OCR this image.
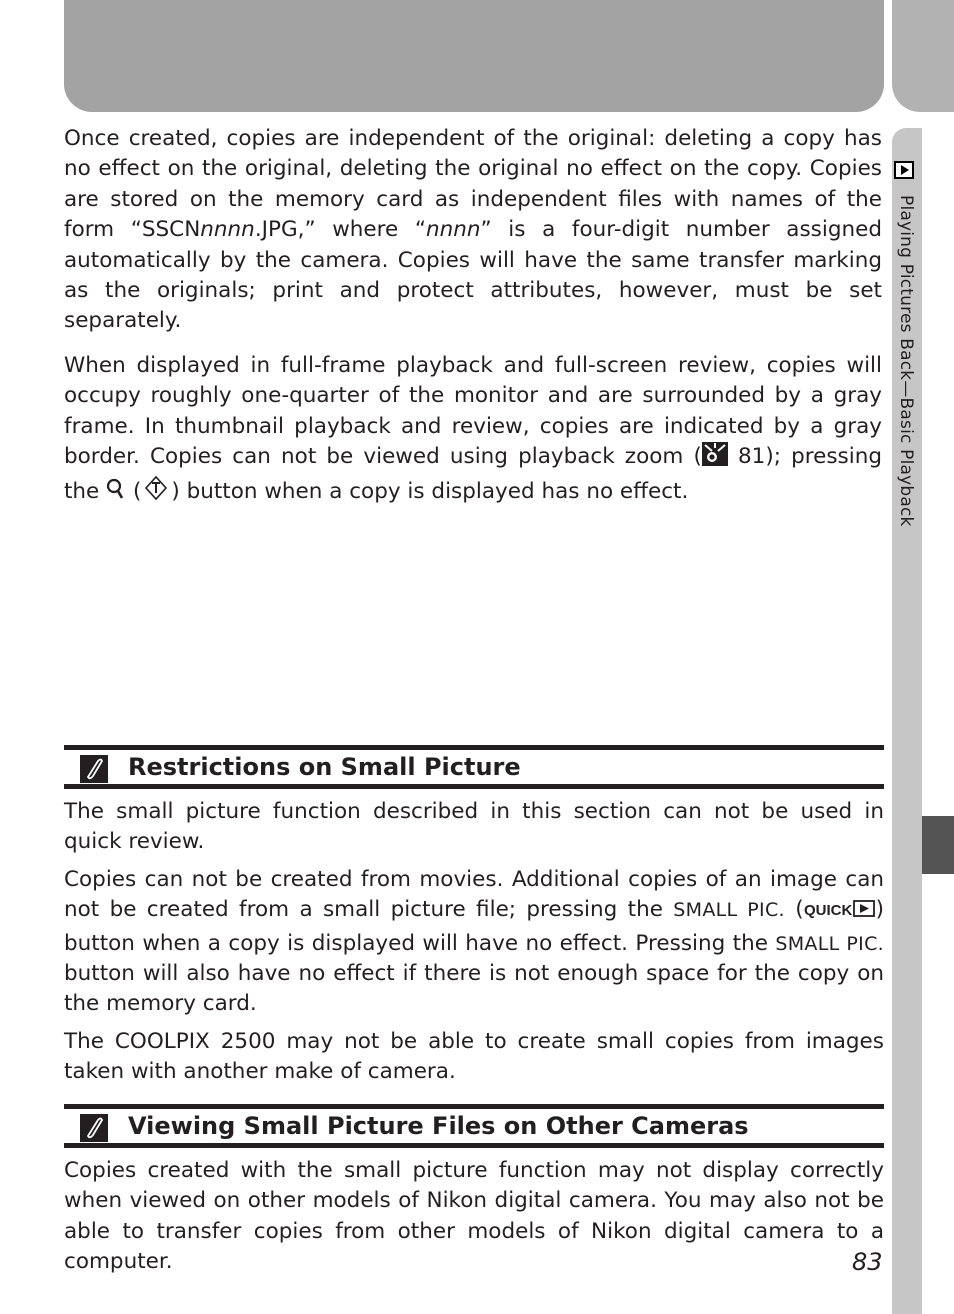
Playing Pictures Back—Basic Playback

Once created, copies are independent of the original: deleting a copy has no effect on the original, deleting the original no effect on the copy. Copies are stored on the memory card as independent files with names of the form “SSCNnnnn.JPG,” where “nnnn” is a four-digit number assigned automatically by the camera. Copies will have the same transfer marking as the originals; print and protect attributes, however, must be set separately.

When displayed in full-frame playback and full-screen review, copies will occupy roughly one-quarter of the monitor and are surrounded by a gray frame. In thumbnail playback and review, copies are indicated by a gray border. Copies can not be viewed using playback zoom ( 81); pressing the  ( ) button when a copy is displayed has no effect.

Restrictions on Small Picture

The small picture function described in this section can not be used in quick review.

Copies can not be created from movies. Additional copies of an image can not be created from a small picture file; pressing the SMALL PIC. ( QUICK ) button when a copy is displayed will have no effect. Pressing the SMALL PIC. button will also have no effect if there is not enough space for the copy on the memory card.

The COOLPIX 2500 may not be able to create small copies from images taken with another make of camera.

Viewing Small Picture Files on Other Cameras

Copies created with the small picture function may not display correctly when viewed on other models of Nikon digital camera. You may also not be able to transfer copies from other models of Nikon digital camera to a computer.	83
